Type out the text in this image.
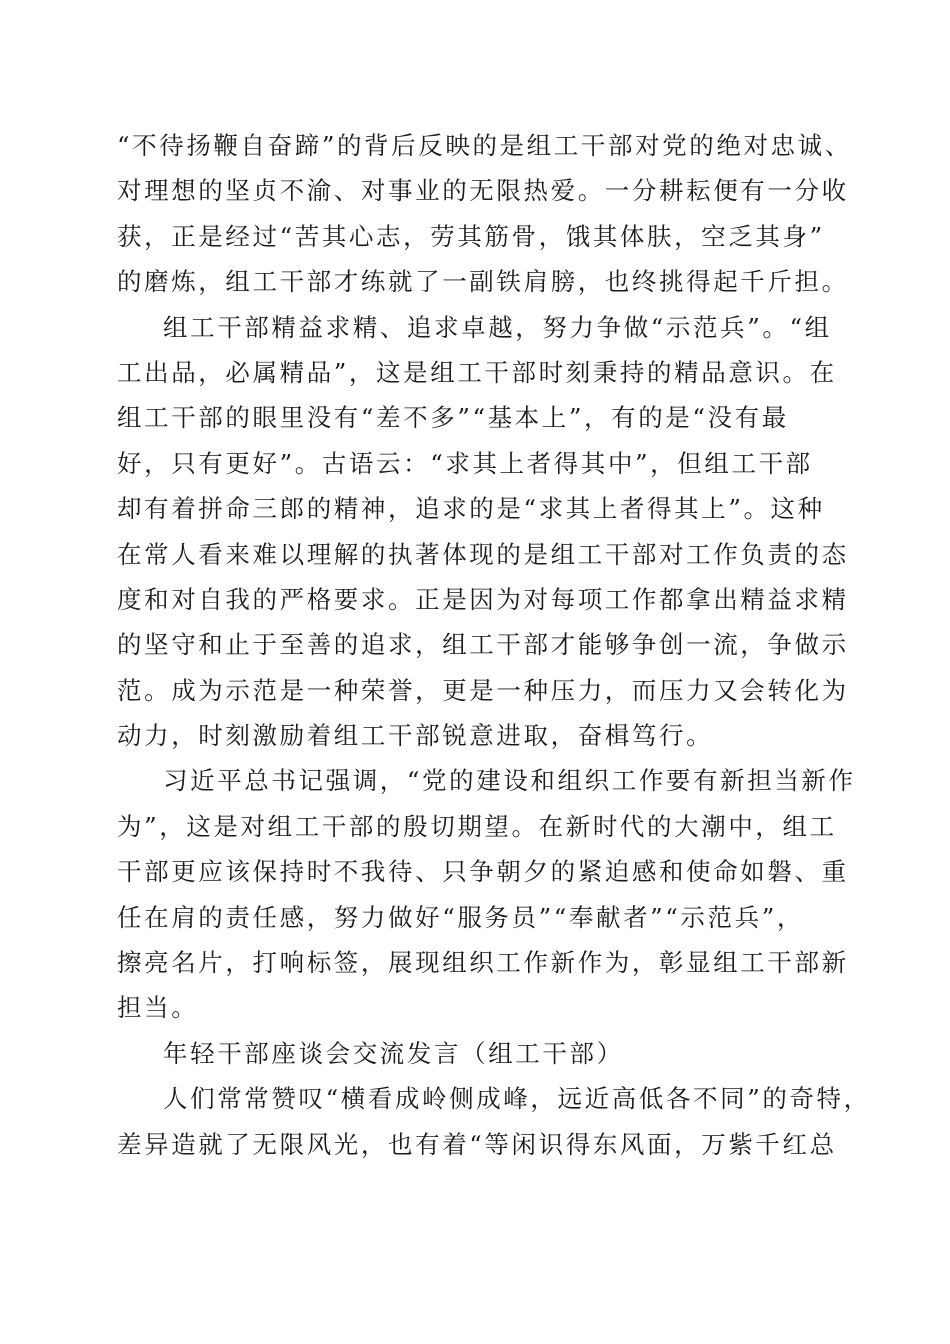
“不待扬鞭自奋蹄”的背后反映的是组工干部对党的绝对忠诚、
对理想的坚贞不渝、对事业的无限热爱。一分耕耘便有一分收
获，正是经过“苦其心志，劳其筋骨，饿其体肤，空乏其身”
的磨炼，组工干部才练就了一副铁肩膀，也终挑得起千斤担。
组工干部精益求精、追求卓越，努力争做“示范兵”。“组
工出品，必属精品”，这是组工干部时刻秉持的精品意识。在
组工干部的眼里没有“差不多”“基本上”，有的是“没有最
好，只有更好”。古语云：“求其上者得其中”，但组工干部
却有着拼命三郎的精神，追求的是“求其上者得其上”。这种
在常人看来难以理解的执著体现的是组工干部对工作负责的态
度和对自我的严格要求。正是因为对每项工作都拿出精益求精
的坚守和止于至善的追求，组工干部才能够争创一流，争做示
范。成为示范是一种荣誉，更是一种压力，而压力又会转化为
动力，时刻激励着组工干部锐意进取，奋楫笃行。
习近平总书记强调，“党的建设和组织工作要有新担当新作
为”，这是对组工干部的殷切期望。在新时代的大潮中，组工
干部更应该保持时不我待、只争朝夕的紧迫感和使命如磐、重
任在肩的责任感，努力做好“服务员”“奉献者”“示范兵”，
擦亮名片，打响标签，展现组织工作新作为，彰显组工干部新
担当。
年轻干部座谈会交流发言（组工干部）
人们常常赞叹“横看成岭侧成峰，远近高低各不同”的奇特，
差异造就了无限风光，也有着“等闲识得东风面，万紫千红总
